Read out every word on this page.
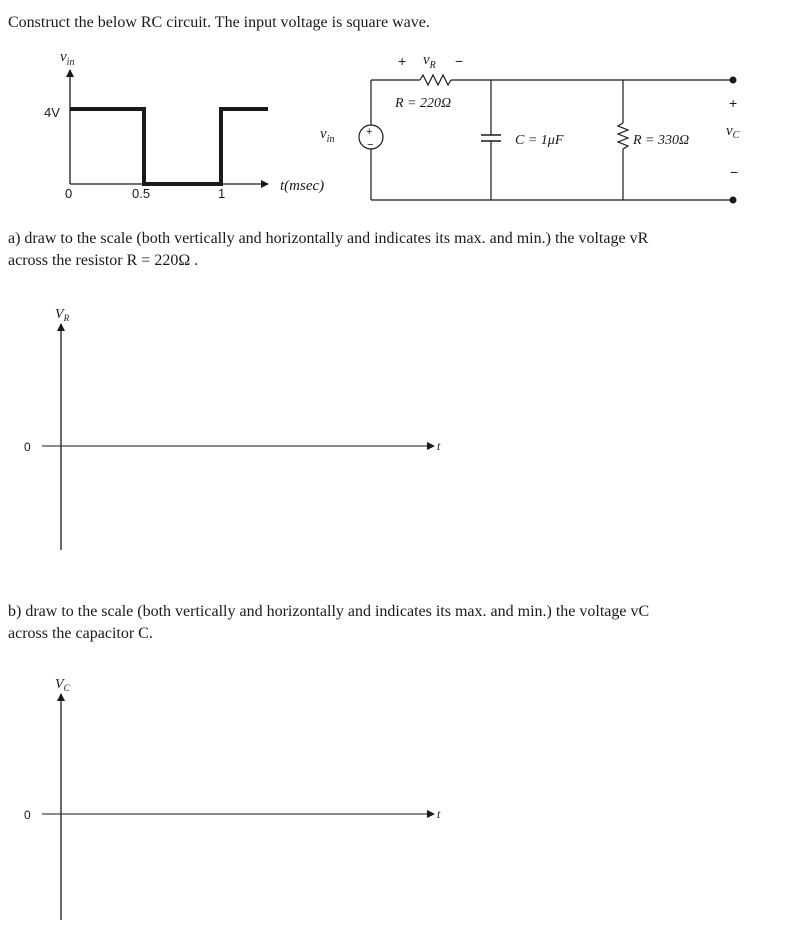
Construct the below RC circuit. The input voltage is square wave.

$v_{in}$
4V
0	0.5	1	t(msec)
$v_{in}$
+
−
+ $v_R$ −
R = 220Ω
C = 1μF	R = 330Ω
+
$v_C$
−
$V_R$
0	t
$V_C$
0	t

a) draw to the scale (both vertically and horizontally and indicates its max. and min.) the voltage vR

across the resistor R = 220Ω .

b) draw to the scale (both vertically and horizontally and indicates its max. and min.) the voltage vC

across the capacitor C.
